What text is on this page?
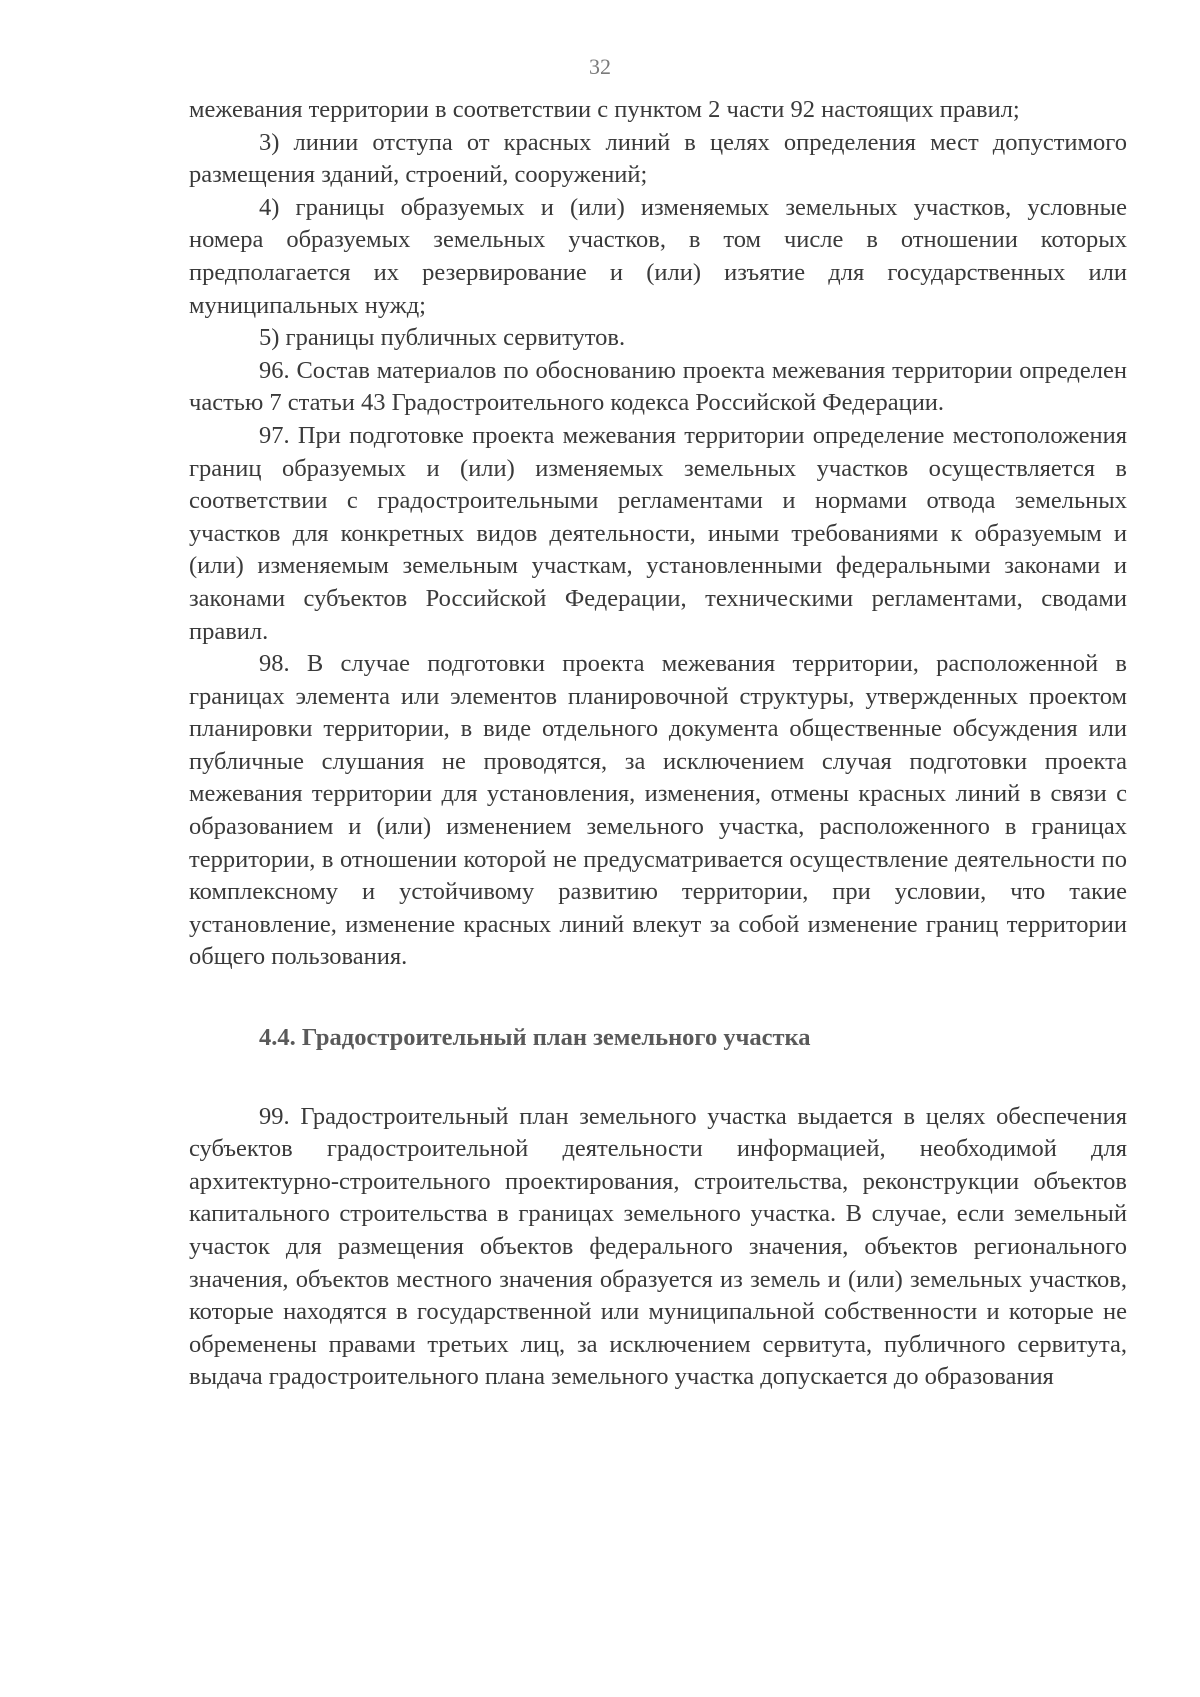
32

межевания территории в соответствии с пунктом 2 части 92 настоящих правил;

3) линии отступа от красных линий в целях определения мест допустимого размещения зданий, строений, сооружений;

4) границы образуемых и (или) изменяемых земельных участков, условные номера образуемых земельных участков, в том числе в отношении которых предполагается их резервирование и (или) изъятие для государственных или муниципальных нужд;

5) границы публичных сервитутов.

96. Состав материалов по обоснованию проекта межевания территории определен частью 7 статьи 43 Градостроительного кодекса Российской Федерации.

97. При подготовке проекта межевания территории определение местоположения границ образуемых и (или) изменяемых земельных участков осуществляется в соответствии с градостроительными регламентами и нормами отвода земельных участков для конкретных видов деятельности, иными требованиями к образуемым и (или) изменяемым земельным участкам, установленными федеральными законами и законами субъектов Российской Федерации, техническими регламентами, сводами правил.

98. В случае подготовки проекта межевания территории, расположенной в границах элемента или элементов планировочной структуры, утвержденных проектом планировки территории, в виде отдельного документа общественные обсуждения или публичные слушания не проводятся, за исключением случая подготовки проекта межевания территории для установления, изменения, отмены красных линий в связи с образованием и (или) изменением земельного участка, расположенного в границах территории, в отношении которой не предусматривается осуществление деятельности по комплексному и устойчивому развитию территории, при условии, что такие установление, изменение красных линий влекут за собой изменение границ территории общего пользования.

4.4. Градостроительный план земельного участка

99. Градостроительный план земельного участка выдается в целях обеспечения субъектов градостроительной деятельности информацией, необходимой для архитектурно-строительного проектирования, строительства, реконструкции объектов капитального строительства в границах земельного участка. В случае, если земельный участок для размещения объектов федерального значения, объектов регионального значения, объектов местного значения образуется из земель и (или) земельных участков, которые находятся в государственной или муниципальной собственности и которые не обременены правами третьих лиц, за исключением сервитута, публичного сервитута, выдача градостроительного плана земельного участка допускается до образования
